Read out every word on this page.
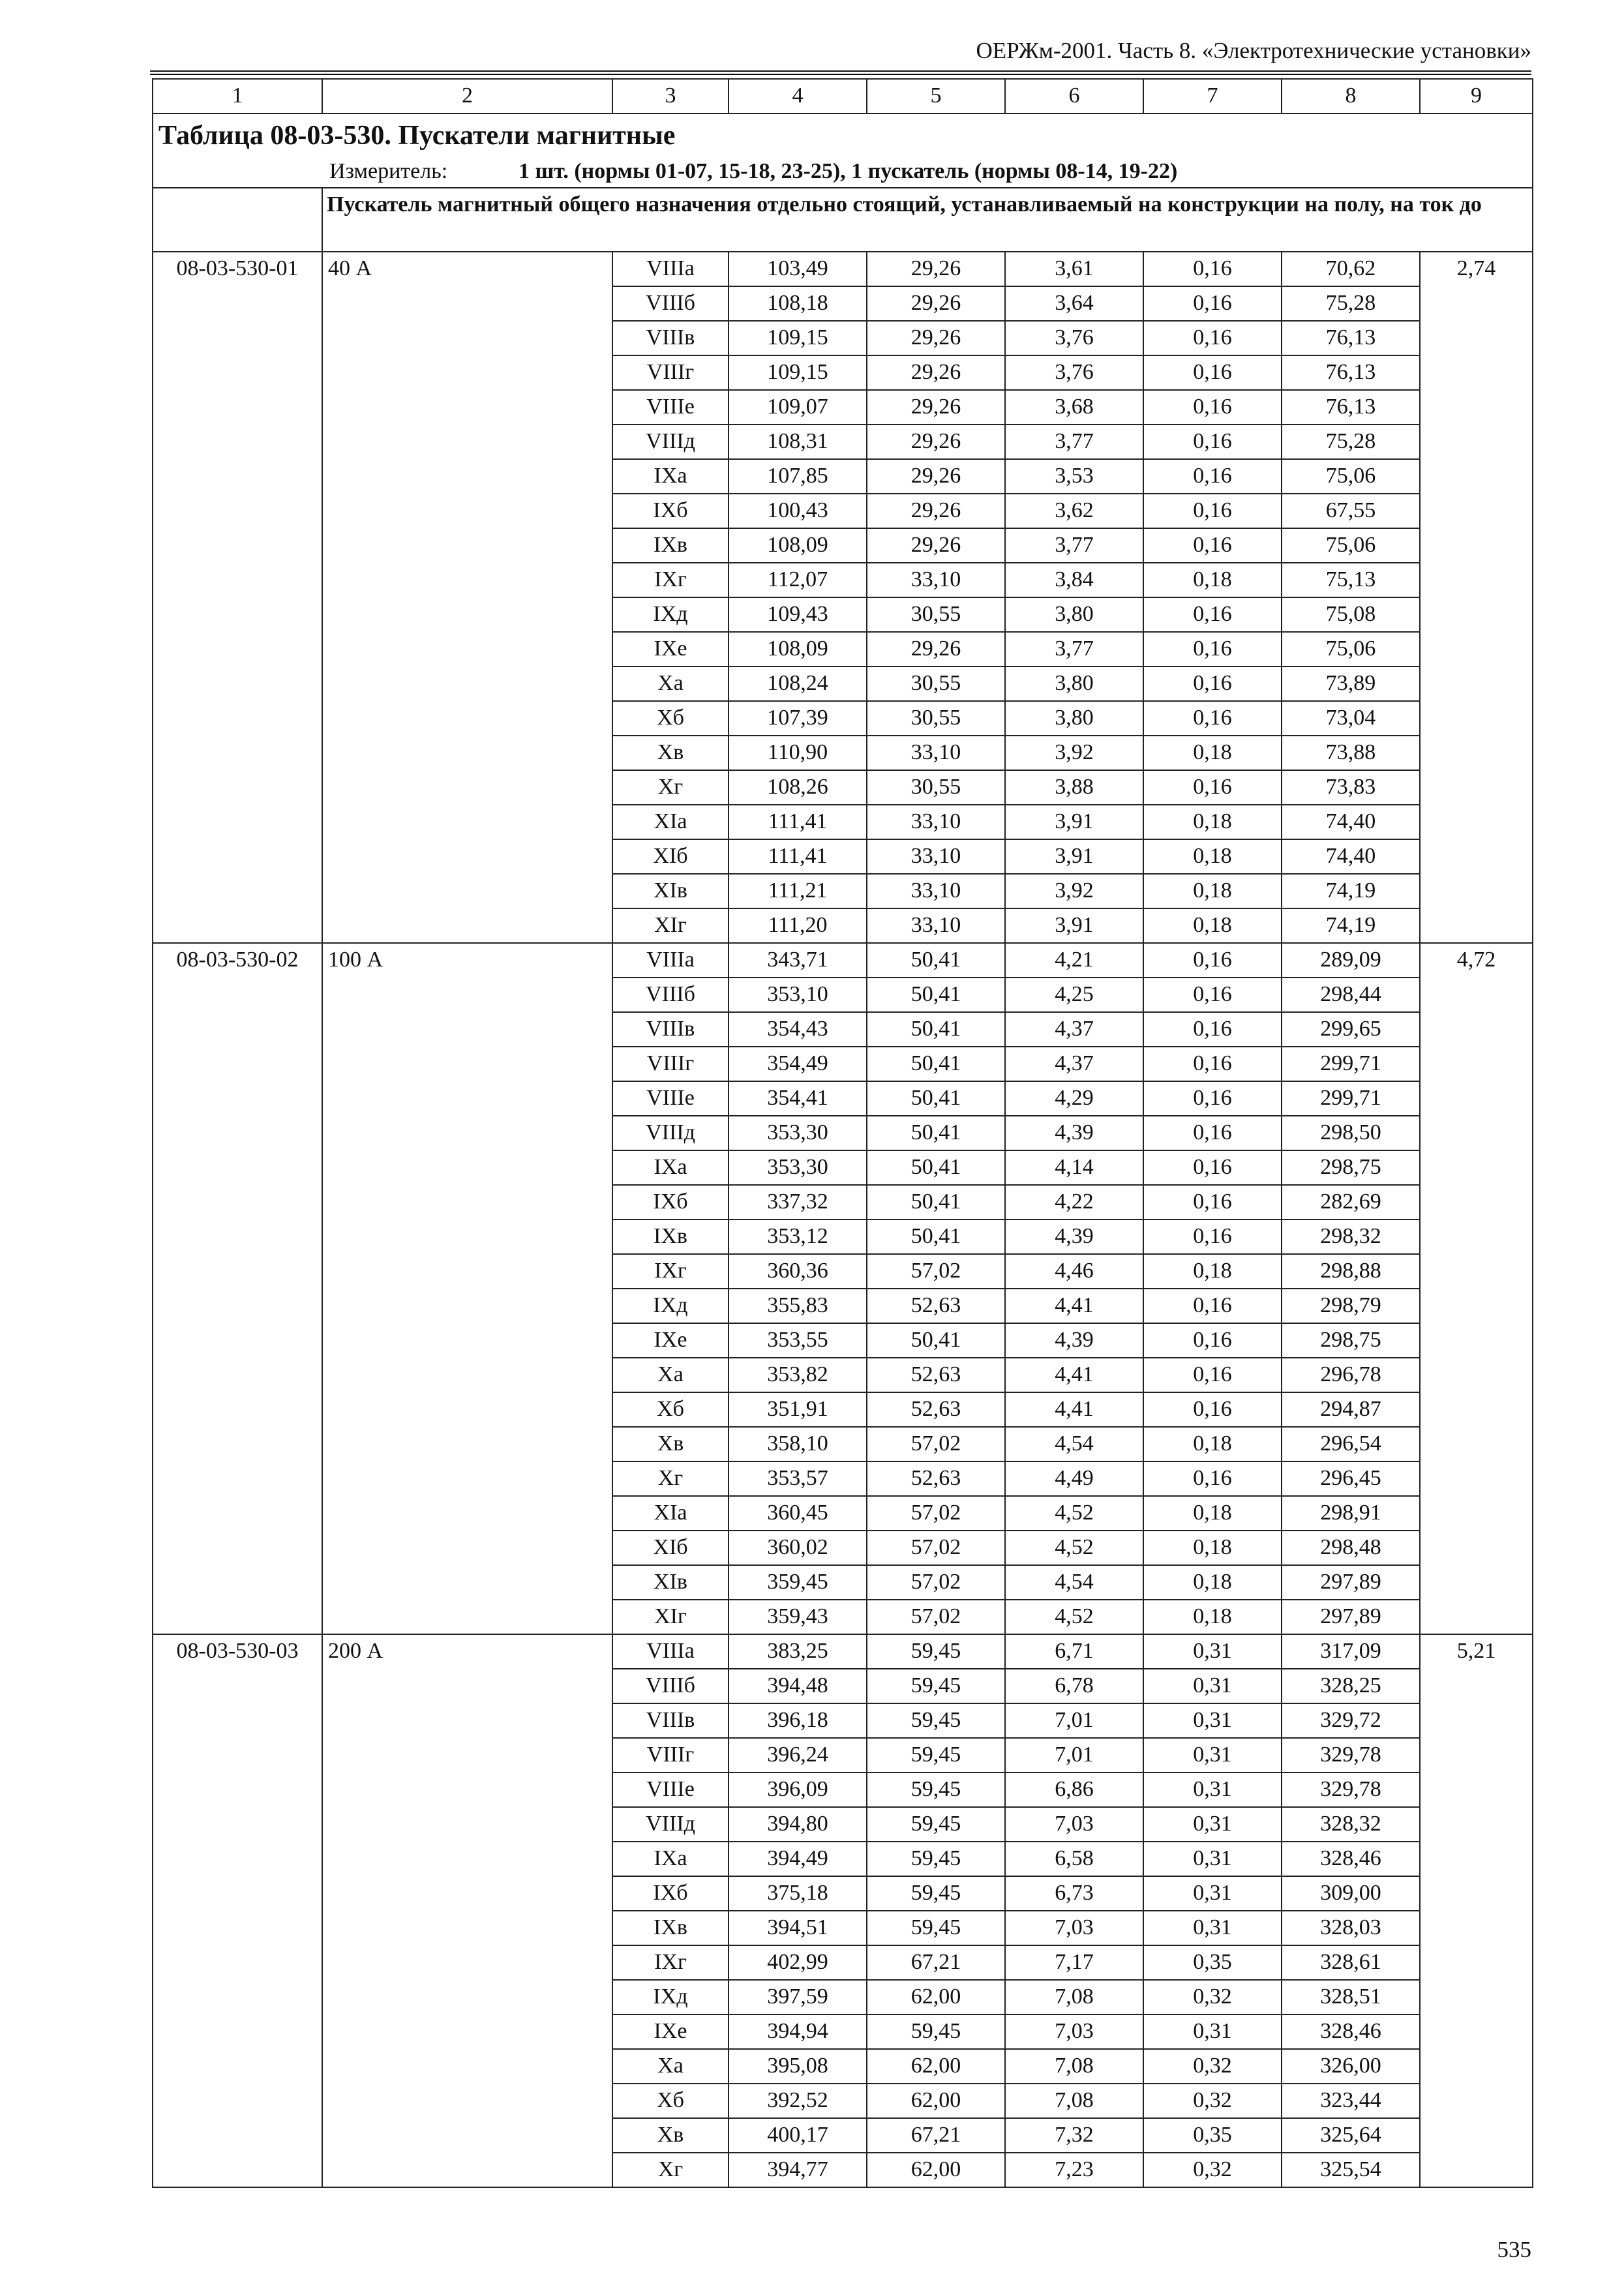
ОЕРЖм-2001. Часть 8. «Электротехнические установки»
1	2	3	4	5	6	7	8	9
Таблица 08-03-530. Пускатели магнитные								
Измеритель: 1 шт. (нормы 01-07, 15-18, 23-25), 1 пускатель (нормы 08-14, 19-22)								
	Пускатель магнитный общего назначения отдельно стоящий, устанавливаемый на конструкции на полу, на ток до							
08-03-530-01	40 А	VIIIа	103,49	29,26	3,61	0,16	70,62	2,74
		VIIIб	108,18	29,26	3,64	0,16	75,28	
		VIIIв	109,15	29,26	3,76	0,16	76,13	
		VIIIг	109,15	29,26	3,76	0,16	76,13	
		VIIIе	109,07	29,26	3,68	0,16	76,13	
		VIIIд	108,31	29,26	3,77	0,16	75,28	
		IXа	107,85	29,26	3,53	0,16	75,06	
		IXб	100,43	29,26	3,62	0,16	67,55	
		IXв	108,09	29,26	3,77	0,16	75,06	
		IXг	112,07	33,10	3,84	0,18	75,13	
		IXд	109,43	30,55	3,80	0,16	75,08	
		IXе	108,09	29,26	3,77	0,16	75,06	
		Xа	108,24	30,55	3,80	0,16	73,89	
		Xб	107,39	30,55	3,80	0,16	73,04	
		Xв	110,90	33,10	3,92	0,18	73,88	
		Xг	108,26	30,55	3,88	0,16	73,83	
		XIа	111,41	33,10	3,91	0,18	74,40	
		XIб	111,41	33,10	3,91	0,18	74,40	
		XIв	111,21	33,10	3,92	0,18	74,19	
		XIг	111,20	33,10	3,91	0,18	74,19	
08-03-530-02	100 А	VIIIа	343,71	50,41	4,21	0,16	289,09	4,72
		VIIIб	353,10	50,41	4,25	0,16	298,44	
		VIIIв	354,43	50,41	4,37	0,16	299,65	
		VIIIг	354,49	50,41	4,37	0,16	299,71	
		VIIIе	354,41	50,41	4,29	0,16	299,71	
		VIIIд	353,30	50,41	4,39	0,16	298,50	
		IXа	353,30	50,41	4,14	0,16	298,75	
		IXб	337,32	50,41	4,22	0,16	282,69	
		IXв	353,12	50,41	4,39	0,16	298,32	
		IXг	360,36	57,02	4,46	0,18	298,88	
		IXд	355,83	52,63	4,41	0,16	298,79	
		IXе	353,55	50,41	4,39	0,16	298,75	
		Xа	353,82	52,63	4,41	0,16	296,78	
		Xб	351,91	52,63	4,41	0,16	294,87	
		Xв	358,10	57,02	4,54	0,18	296,54	
		Xг	353,57	52,63	4,49	0,16	296,45	
		XIа	360,45	57,02	4,52	0,18	298,91	
		XIб	360,02	57,02	4,52	0,18	298,48	
		XIв	359,45	57,02	4,54	0,18	297,89	
		XIг	359,43	57,02	4,52	0,18	297,89	
08-03-530-03	200 А	VIIIа	383,25	59,45	6,71	0,31	317,09	5,21
		VIIIб	394,48	59,45	6,78	0,31	328,25	
		VIIIв	396,18	59,45	7,01	0,31	329,72	
		VIIIг	396,24	59,45	7,01	0,31	329,78	
		VIIIе	396,09	59,45	6,86	0,31	329,78	
		VIIIд	394,80	59,45	7,03	0,31	328,32	
		IXа	394,49	59,45	6,58	0,31	328,46	
		IXб	375,18	59,45	6,73	0,31	309,00	
		IXв	394,51	59,45	7,03	0,31	328,03	
		IXг	402,99	67,21	7,17	0,35	328,61	
		IXд	397,59	62,00	7,08	0,32	328,51	
		IXе	394,94	59,45	7,03	0,31	328,46	
		Xа	395,08	62,00	7,08	0,32	326,00	
		Xб	392,52	62,00	7,08	0,32	323,44	
		Xв	400,17	67,21	7,32	0,35	325,64	
		Xг	394,77	62,00	7,23	0,32	325,54	
535
